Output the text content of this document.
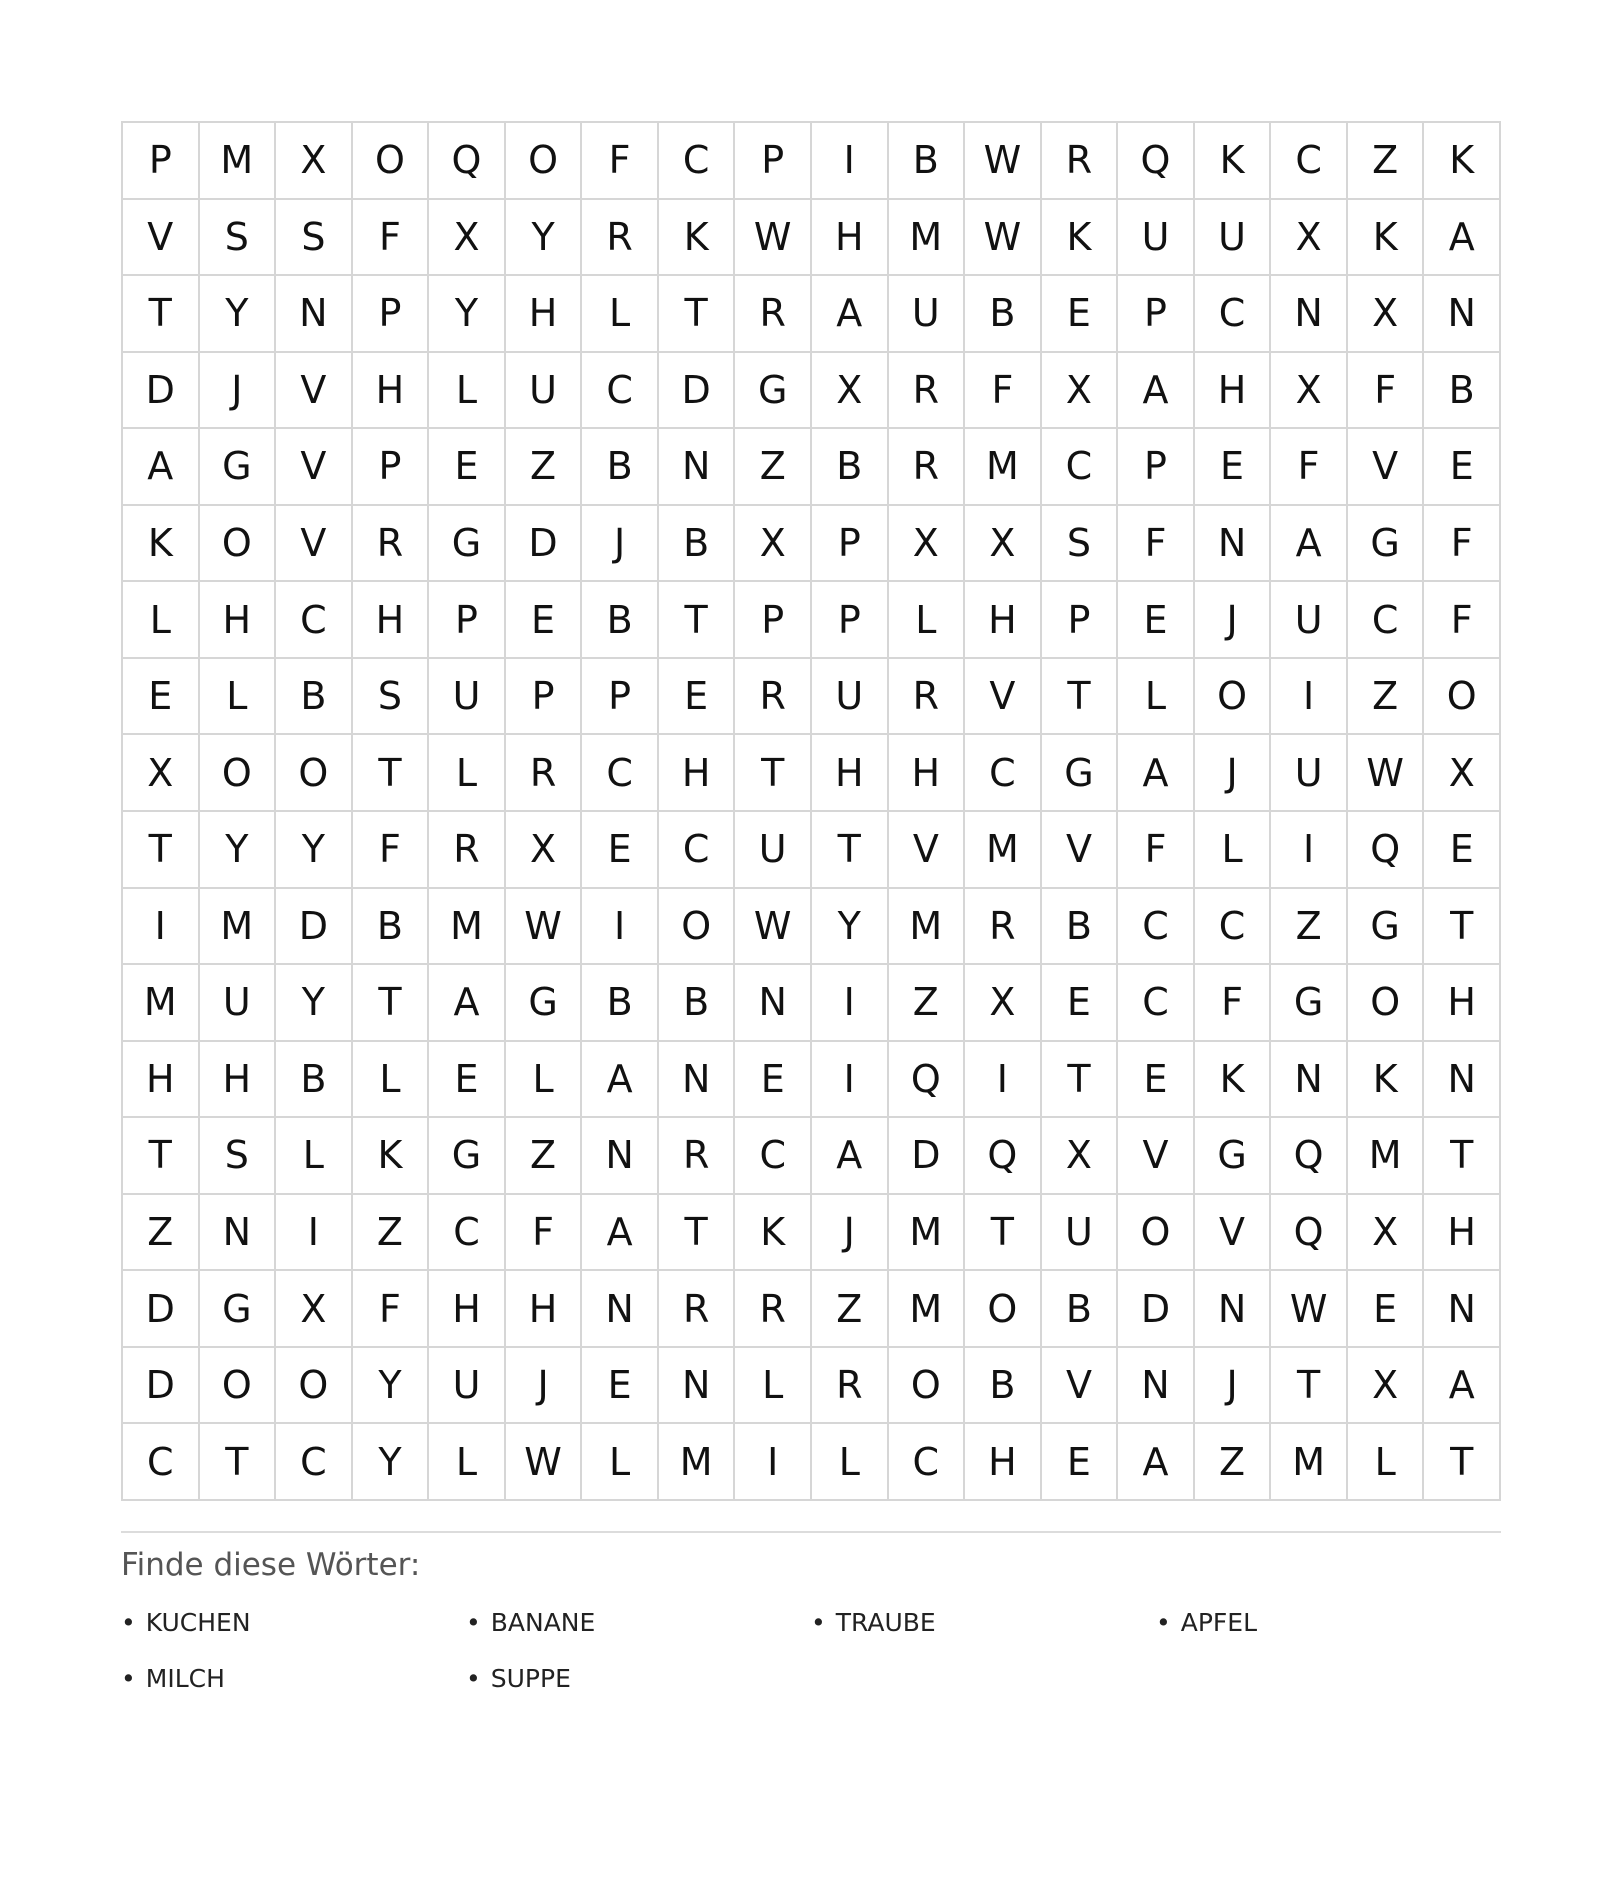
P	M	X	O	Q	O	F	C	P	I	B	W	R	Q	K	C	Z	K
V	S	S	F	X	Y	R	K	W	H	M	W	K	U	U	X	K	A
T	Y	N	P	Y	H	L	T	R	A	U	B	E	P	C	N	X	N
D	J	V	H	L	U	C	D	G	X	R	F	X	A	H	X	F	B
A	G	V	P	E	Z	B	N	Z	B	R	M	C	P	E	F	V	E
K	O	V	R	G	D	J	B	X	P	X	X	S	F	N	A	G	F
L	H	C	H	P	E	B	T	P	P	L	H	P	E	J	U	C	F
E	L	B	S	U	P	P	E	R	U	R	V	T	L	O	I	Z	O
X	O	O	T	L	R	C	H	T	H	H	C	G	A	J	U	W	X
T	Y	Y	F	R	X	E	C	U	T	V	M	V	F	L	I	Q	E
I	M	D	B	M	W	I	O	W	Y	M	R	B	C	C	Z	G	T
M	U	Y	T	A	G	B	B	N	I	Z	X	E	C	F	G	O	H
H	H	B	L	E	L	A	N	E	I	Q	I	T	E	K	N	K	N
T	S	L	K	G	Z	N	R	C	A	D	Q	X	V	G	Q	M	T
Z	N	I	Z	C	F	A	T	K	J	M	T	U	O	V	Q	X	H
D	G	X	F	H	H	N	R	R	Z	M	O	B	D	N	W	E	N
D	O	O	Y	U	J	E	N	L	R	O	B	V	N	J	T	X	A
C	T	C	Y	L	W	L	M	I	L	C	H	E	A	Z	M	L	T
Finde diese Wörter:
• KUCHEN	• BANANE	• TRAUBE	• APFEL
• MILCH	• SUPPE
